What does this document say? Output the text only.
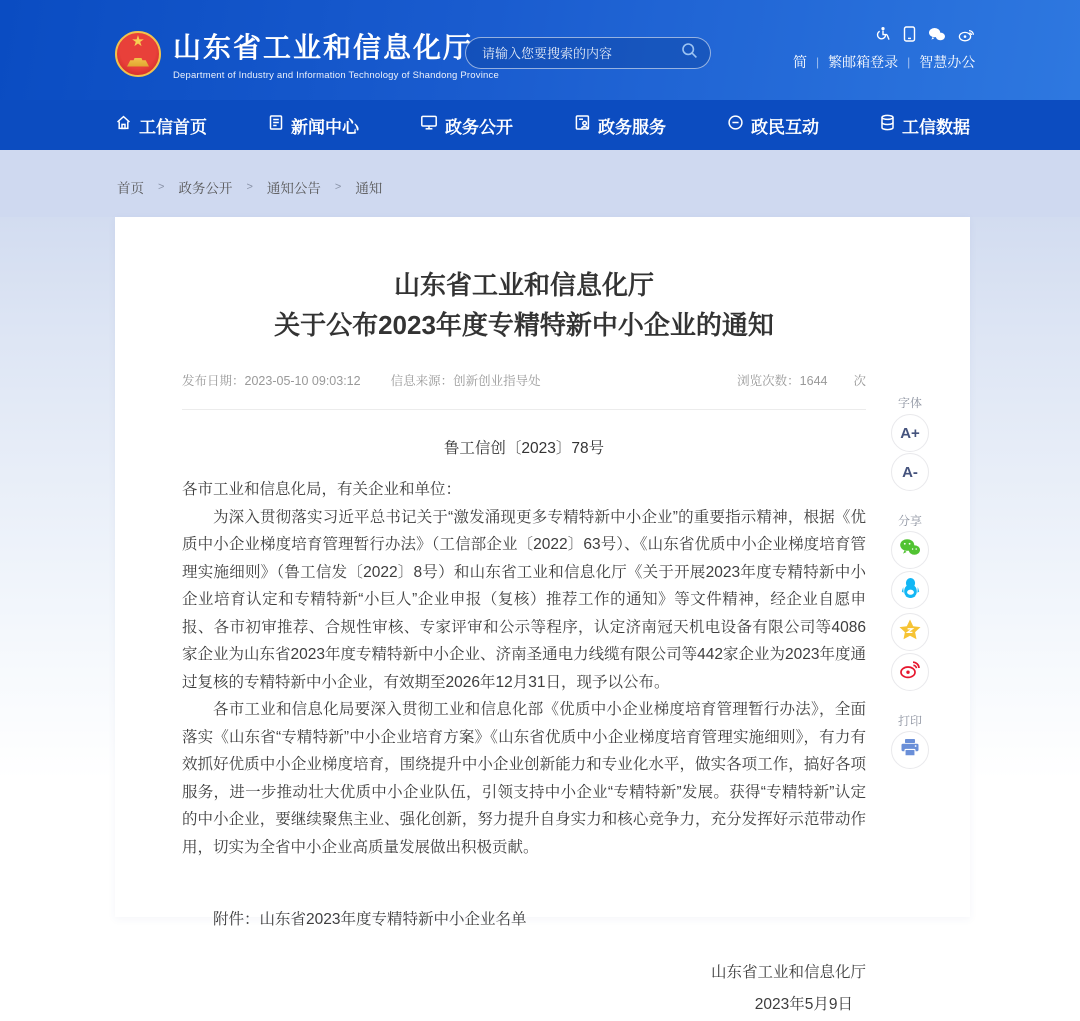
★	山东省工业和信息化厅
Department of Industry and Information Technology of Shandong Province
请输入您要搜索的内容
简 | 繁 邮箱登录 | 智慧办公
工信首页	新闻中心	政务公开	政务服务	政民互动	工信数据
首页 > 政务公开 > 通知公告 > 通知
山东省工业和信息化厅
关于公布2023年度专精特新中小企业的通知
发布日期：2023-05-10 09:03:12 信息来源：创新创业指导处	浏览次数：1644 次
鲁工信创〔2023〕78号

各市工业和信息化局，有关企业和单位：

为深入贯彻落实习近平总书记关于“激发涌现更多专精特新中小企业”的重要指示精神，根据《优质中小企业梯度培育管理暂行办法》（工信部企业〔2022〕63号）、《山东省优质中小企业梯度培育管理实施细则》（鲁工信发〔2022〕8号）和山东省工业和信息化厅《关于开展2023年度专精特新中小企业培育认定和专精特新“小巨人”企业申报（复核）推荐工作的通知》等文件精神，经企业自愿申报、各市初审推荐、合规性审核、专家评审和公示等程序，认定济南冠天机电设备有限公司等4086家企业为山东省2023年度专精特新中小企业、济南圣通电力线缆有限公司等442家企业为2023年度通过复核的专精特新中小企业，有效期至2026年12月31日，现予以公布。

各市工业和信息化局要深入贯彻工业和信息化部《优质中小企业梯度培育管理暂行办法》，全面落实《山东省“专精特新”中小企业培育方案》《山东省优质中小企业梯度培育管理实施细则》，有力有效抓好优质中小企业梯度培育，围绕提升中小企业创新能力和专业化水平，做实各项工作，搞好各项服务，进一步推动壮大优质中小企业队伍，引领支持中小企业“专精特新”发展。获得“专精特新”认定的中小企业，要继续聚焦主业、强化创新，努力提升自身实力和核心竞争力，充分发挥好示范带动作用，切实为全省中小企业高质量发展做出积极贡献。

附件：山东省2023年度专精特新中小企业名单
山东省工业和信息化厅
2023年5月9日
字体
A+
A-
分享
打印
